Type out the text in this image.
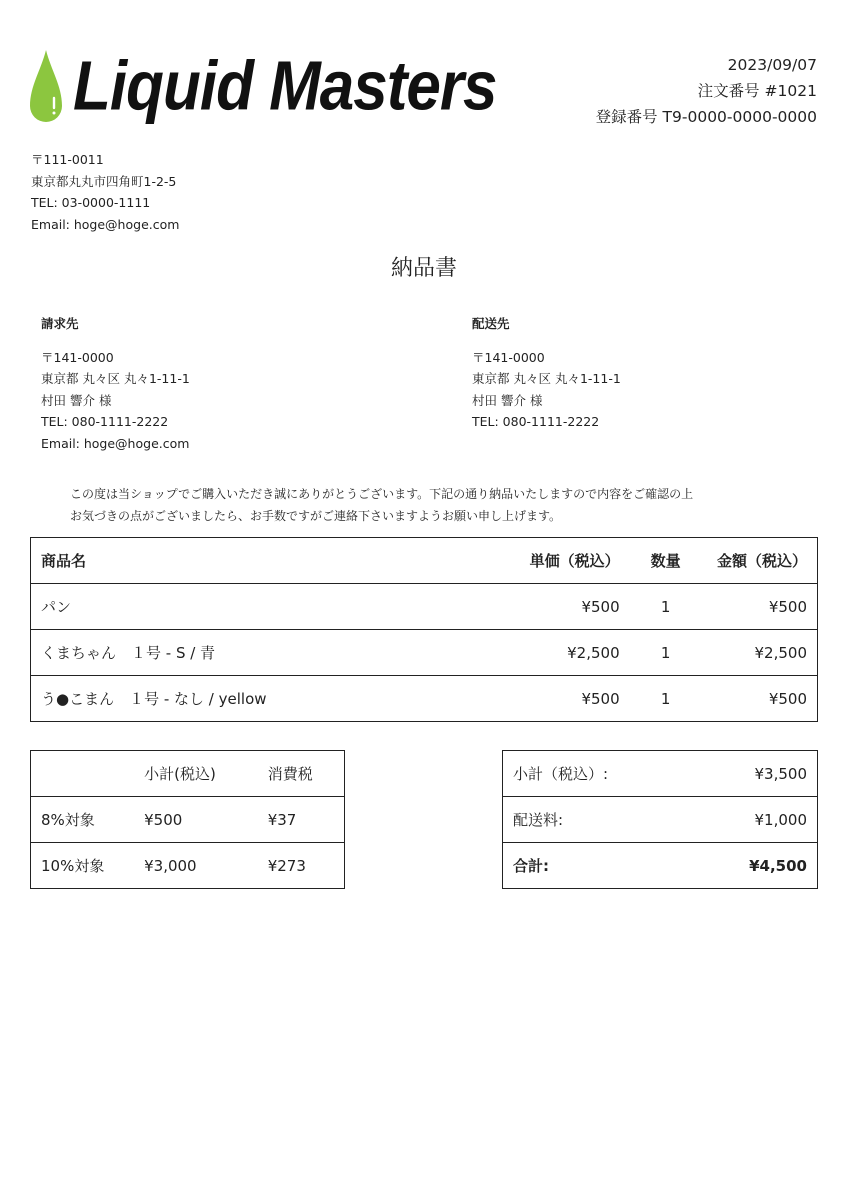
Liquid Masters	2023/09/07
注文番号 #1021
登録番号 T9-0000-0000-0000
〒111-0011
東京都丸丸市四角町1-2-5
TEL: 03-0000-1111
Email: hoge@hoge.com
納品書
請求先
〒141-0000
東京都 丸々区 丸々1-11-1
村田 響介 様
TEL: 080-1111-2222
Email: hoge@hoge.com
配送先
〒141-0000
東京都 丸々区 丸々1-11-1
村田 響介 様
TEL: 080-1111-2222
この度は当ショップでご購入いただき誠にありがとうございます。下記の通り納品いたしますので内容をご確認の上
お気づきの点がございましたら、お手数ですがご連絡下さいますようお願い申し上げます。
商品名	単価（税込）	数量	金額（税込）
パン	¥500	1	¥500
くまちゃん　１号 - S / 青	¥2,500	1	¥2,500
う●こまん　１号 - なし / yellow	¥500	1	¥500
	小計(税込)	消費税
8%対象	¥500	¥37
10%対象	¥3,000	¥273
小計（税込）:	¥3,500
配送料:	¥1,000
合計:	¥4,500
